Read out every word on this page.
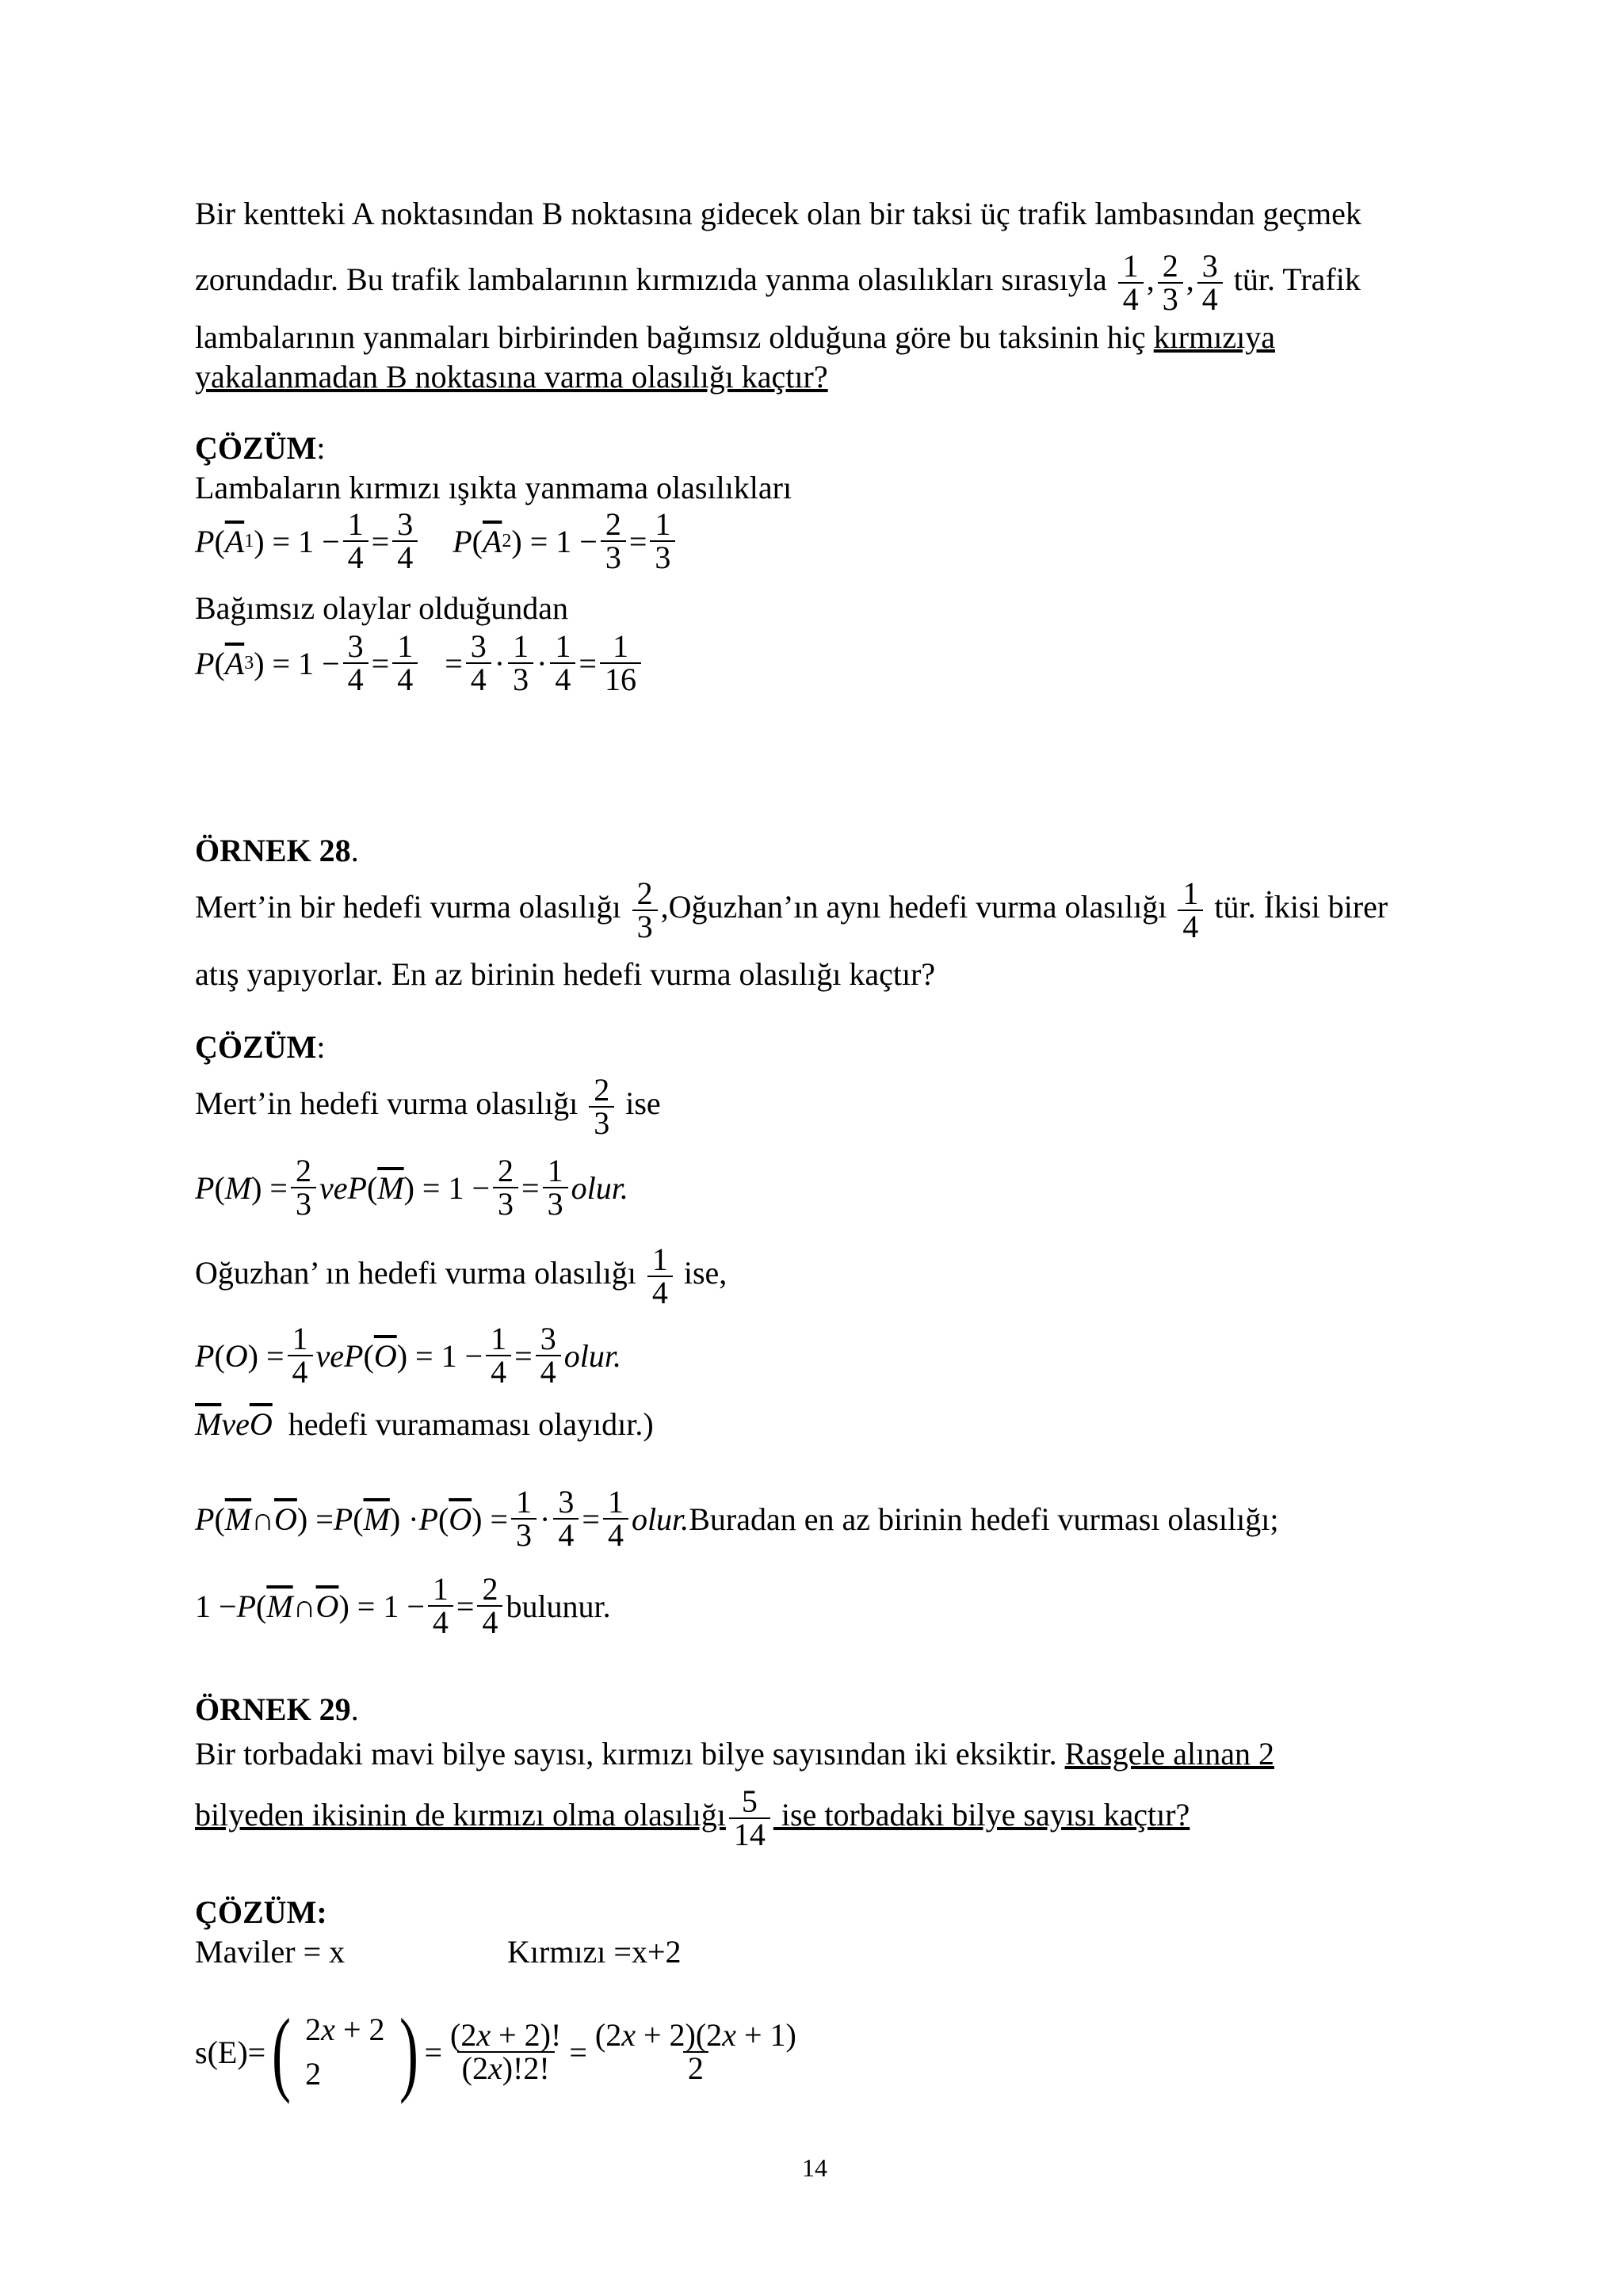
Bir kentteki A noktasından B noktasına gidecek olan bir taksi üç trafik lambasından geçmek
zorundadır. Bu trafik lambalarının kırmızıda yanma olasılıkları sırasıyla $\frac{1}{4}$ , $\frac{2}{3}$ , $\frac{3}{4}$ tür. Trafik
lambalarının yanmaları birbirinden bağımsız olduğuna göre bu taksinin hiç kırmızıya
yakalanmadan B noktasına varma olasılığı kaçtır?
ÇÖZÜM:
Lambaların kırmızı ışıkta yanmama olasılıkları
P ( $\overline{A}$ 1 ) = $1 - \frac{1}{4} = \frac{3}{4}$ P ( $\overline{A}$ 2 ) = $1 - \frac{2}{3} = \frac{1}{3}$
Bağımsız olaylar olduğundan
P ( $\overline{A}$ 3 ) = $1 - \frac{3}{4} = \frac{1}{4} = \frac{3}{4} \cdot \frac{1}{3} \cdot \frac{1}{4} = \frac{1}{16}$
ÖRNEK 28.
Mert’in bir hedefi vurma olasılığı $\frac{2}{3}$ ,Oğuzhan’ın aynı hedefi vurma olasılığı $\frac{1}{4}$ tür. İkisi birer
atış yapıyorlar. En az birinin hedefi vurma olasılığı kaçtır?
ÇÖZÜM:
Mert’in hedefi vurma olasılığı $\frac{2}{3}$ ise
P ( M ) = $\frac{2}{3}$ veP ( $\overline{M}$ ) = $1 - \frac{2}{3} = \frac{1}{3}$ olur.
Oğuzhan’ ın hedefi vurma olasılığı $\frac{1}{4}$ ise,
P ( O ) = $\frac{1}{4}$ veP ( $\overline{O}$ ) = $1 - \frac{1}{4} = \frac{3}{4}$ olur.
$\overline{M}ve\overline{O}$ hedefi vuramaması olayıdır.)
P ( $\overline{M}$ ∩ $\overline{O}$ ) = P ( $\overline{M}$ ) · P ( $\overline{O}$ ) = $\frac{1}{3} \cdot \frac{3}{4} = \frac{1}{4}$ olur. Buradan en az birinin hedefi vurması olasılığı;
1 − P ( $\overline{M}$ ∩ $\overline{O}$ ) = $1 - \frac{1}{4} = \frac{2}{4}$ bulunur.
ÖRNEK 29.
Bir torbadaki mavi bilye sayısı, kırmızı bilye sayısından iki eksiktir. Rasgele alınan 2
bilyeden ikisinin de kırmızı olma olasılığı $\frac{5}{14}$ ise torbadaki bilye sayısı kaçtır?
ÇÖZÜM:
Maviler = x	Kırmızı =x+2
s(E)= ( 2x + 2
2 ) = $\frac{(2x + 2)!}{(2x)!2!} = \frac{(2x + 2)(2x + 1)}{2}$
14
